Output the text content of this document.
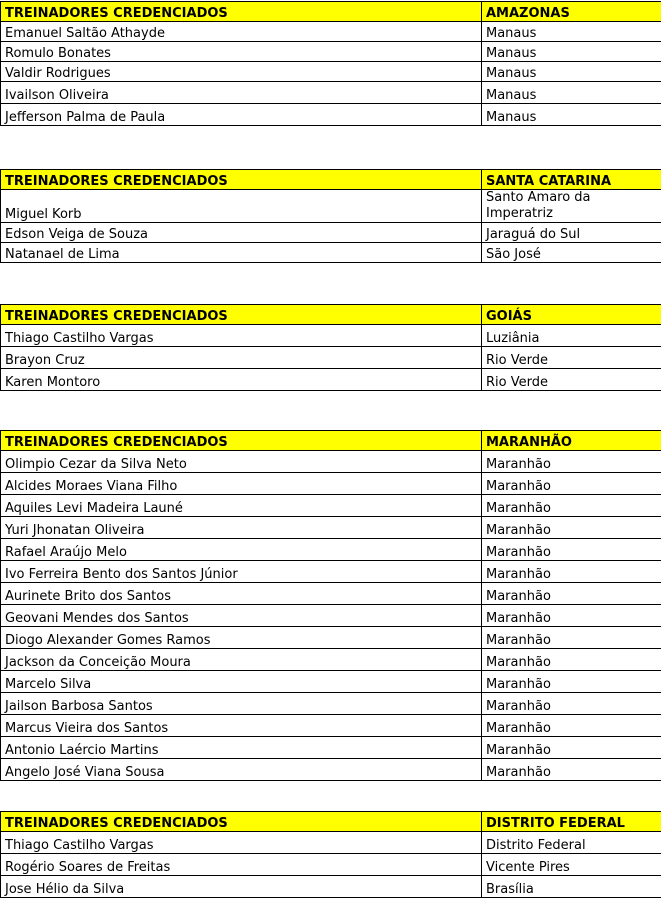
TREINADORES CREDENCIADOS	AMAZONAS
Emanuel Saltão Athayde	Manaus
Romulo Bonates	Manaus
Valdir Rodrigues	Manaus
Ivailson Oliveira	Manaus
Jefferson Palma de Paula	Manaus
TREINADORES CREDENCIADOS	SANTA CATARINA
Miguel Korb	Santo Amaro da Imperatriz
Edson Veiga de Souza	Jaraguá do Sul
Natanael de Lima	São José
TREINADORES CREDENCIADOS	GOIÁS
Thiago Castilho Vargas	Luziânia
Brayon Cruz	Rio Verde
Karen Montoro	Rio Verde
TREINADORES CREDENCIADOS	MARANHÃO
Olimpio Cezar da Silva Neto	Maranhão
Alcides Moraes Viana Filho	Maranhão
Aquiles Levi Madeira Launé	Maranhão
Yuri Jhonatan Oliveira	Maranhão
Rafael Araújo Melo	Maranhão
Ivo Ferreira Bento dos Santos Júnior	Maranhão
Aurinete Brito dos Santos	Maranhão
Geovani Mendes dos Santos	Maranhão
Diogo Alexander Gomes Ramos	Maranhão
Jackson da Conceição Moura	Maranhão
Marcelo Silva	Maranhão
Jailson Barbosa Santos	Maranhão
Marcus Vieira dos Santos	Maranhão
Antonio Laércio Martins	Maranhão
Angelo José Viana Sousa	Maranhão
TREINADORES CREDENCIADOS	DISTRITO FEDERAL
Thiago Castilho Vargas	Distrito Federal
Rogério Soares de Freitas	Vicente Pires
Jose Hélio da Silva	Brasília
